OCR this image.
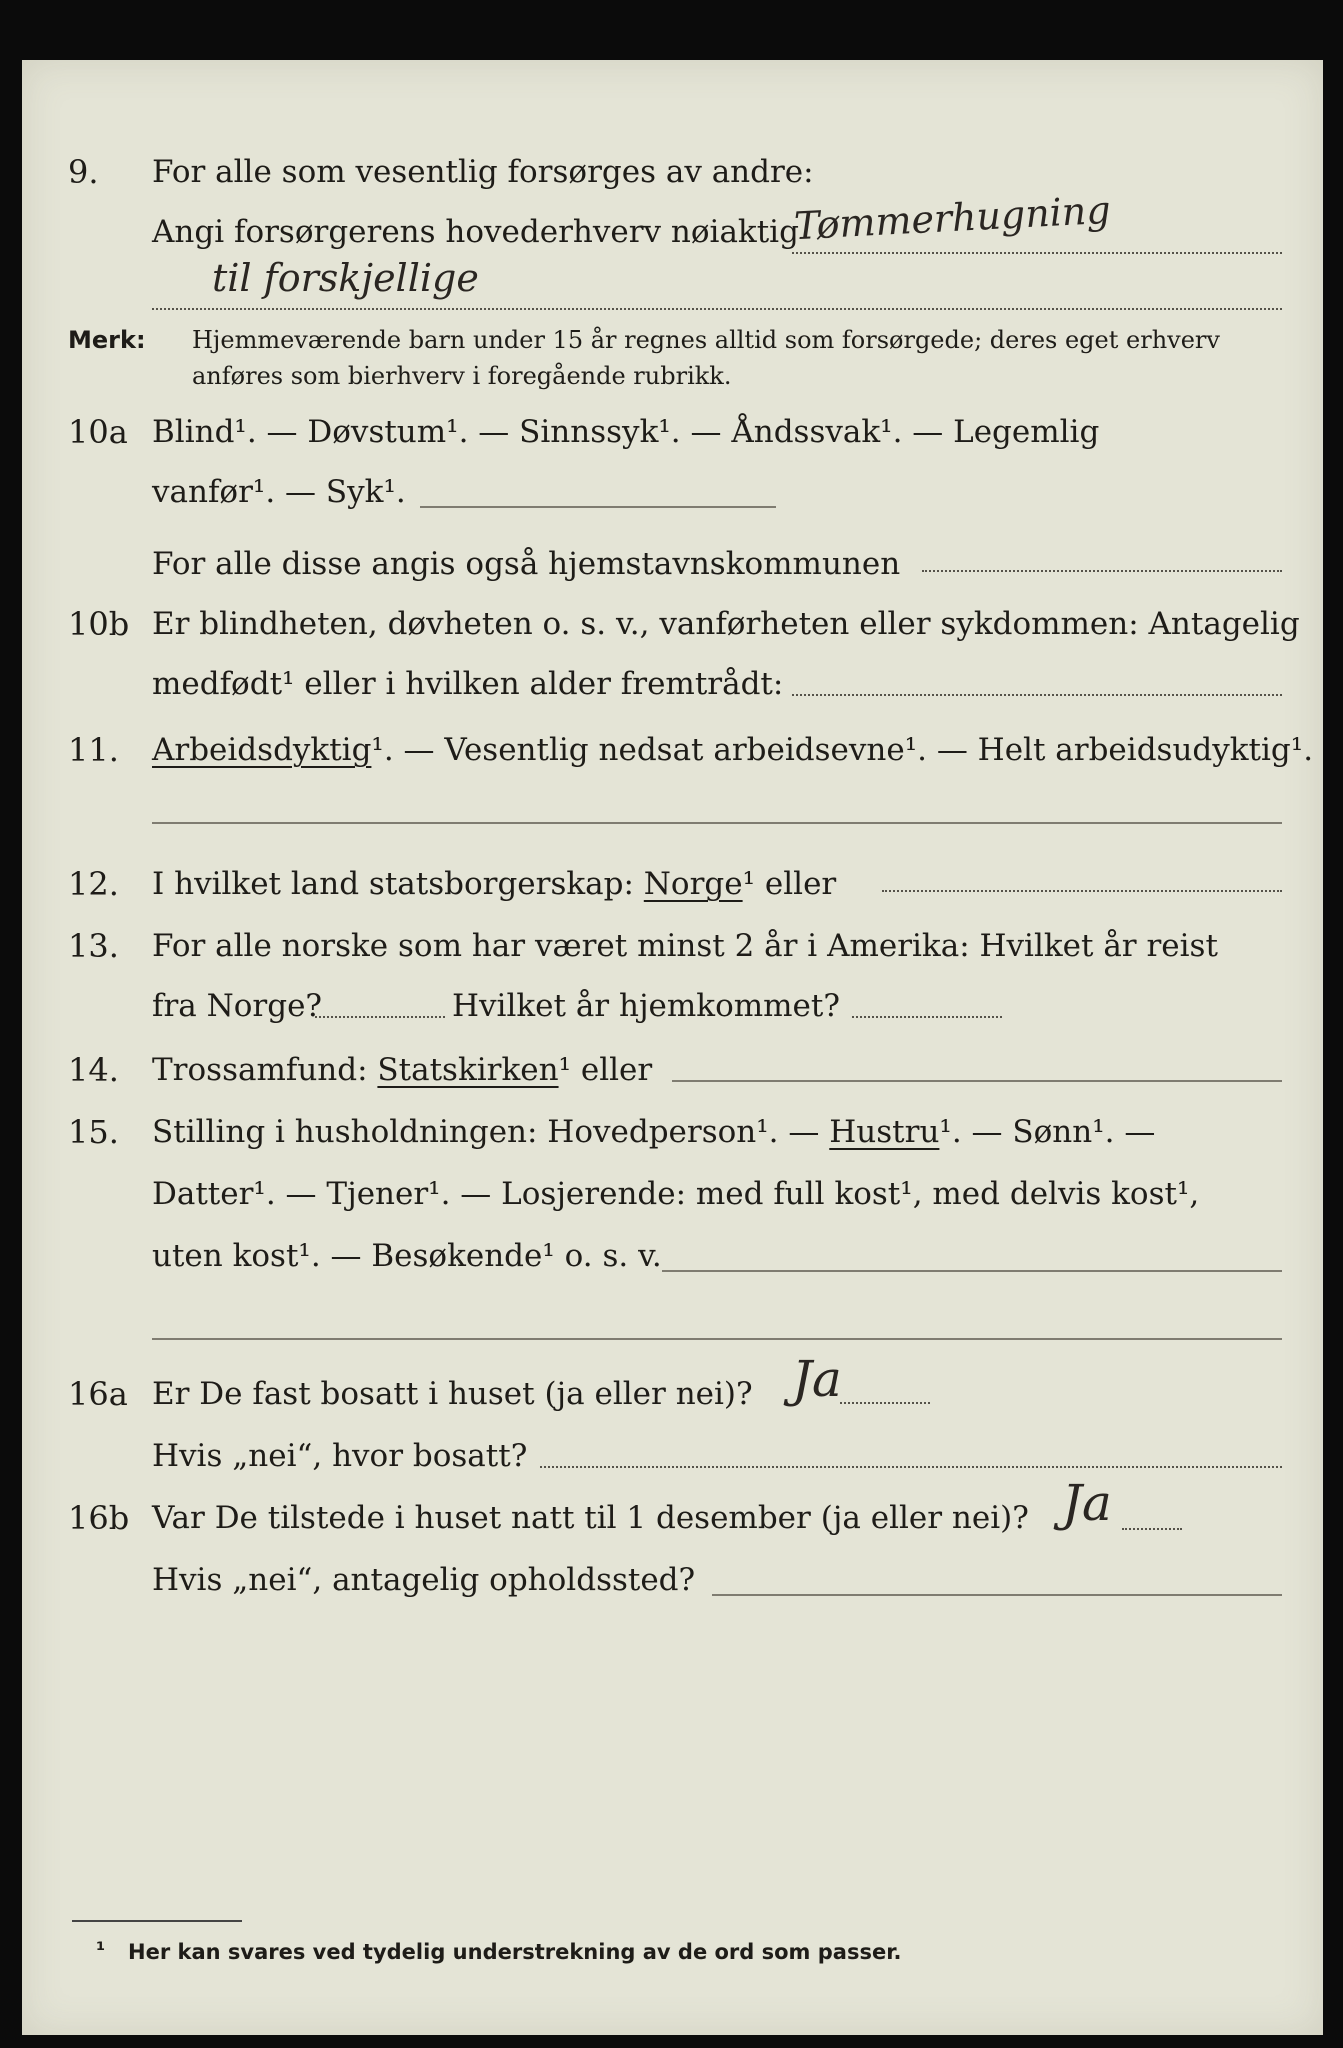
9. For alle som vesentlig forsørges av andre:
Angi forsørgerens hovederhverv nøiaktig
Tømmerhugning
til forskjellige
Merk: Hjemmeværende barn under 15 år regnes alltid som forsørgede; deres eget erhverv
anføres som bierhverv i foregående rubrikk.
10a Blind¹. — Døvstum¹. — Sinnssyk¹. — Åndssvak¹. — Legemlig
vanfør¹. — Syk¹.
For alle disse angis også hjemstavnskommunen
10b Er blindheten, døvheten o. s. v., vanførheten eller sykdommen: Antagelig
medfødt¹ eller i hvilken alder fremtrådt:
11. Arbeidsdyktig¹. — Vesentlig nedsat arbeidsevne¹. — Helt arbeidsudyktig¹.
12. I hvilket land statsborgerskap: Norge¹ eller
13. For alle norske som har været minst 2 år i Amerika: Hvilket år reist
fra Norge?	Hvilket år hjemkommet?
14. Trossamfund: Statskirken¹ eller
15. Stilling i husholdningen: Hovedperson¹. — Hustru¹. — Sønn¹. —
Datter¹. — Tjener¹. — Losjerende: med full kost¹, med delvis kost¹,
uten kost¹. — Besøkende¹ o. s. v.
16a Er De fast bosatt i huset (ja eller nei)? Ja
Hvis „nei“, hvor bosatt?
16b Var De tilstede i huset natt til 1 desember (ja eller nei)? Ja
Hvis „nei“, antagelig opholdssted?
¹ Her kan svares ved tydelig understrekning av de ord som passer.
